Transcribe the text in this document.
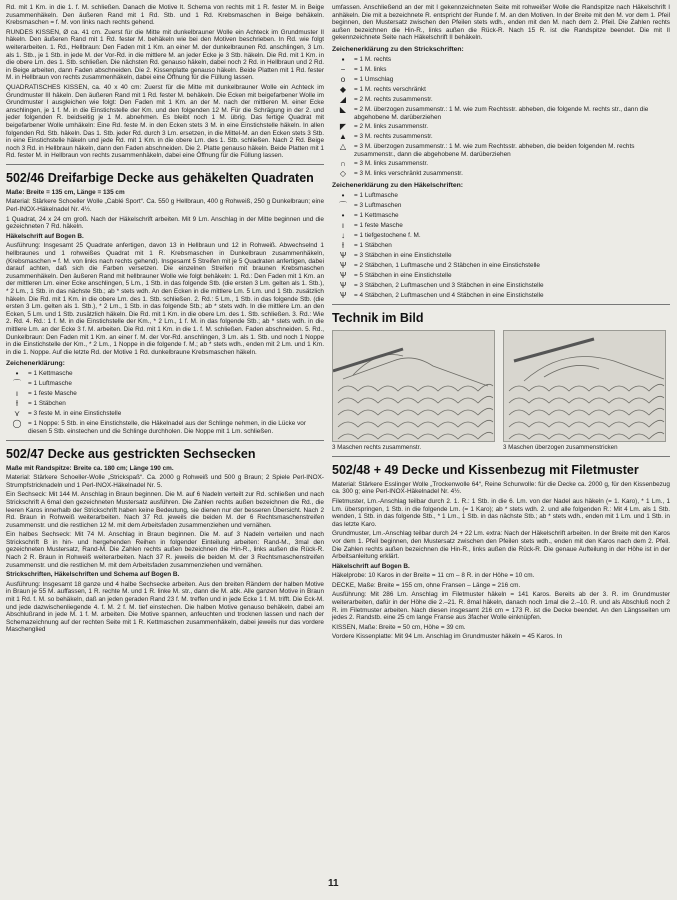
Rd. mit 1 Km. in die 1. f. M. schließen. Danach die Motive lt. Schema von rechts mit 1 R. fester M. in Beige zusammenhäkeln. Den äußeren Rand mit 1 Rd. Stb. und 1 Rd. Krebsmaschen in Beige behäkeln. Krebsmaschen = f. M. von links nach rechts gehend.

RUNDES KISSEN, Ø ca. 41 cm. Zuerst für die Mitte mit dunkelbrauner Wolle ein Achteck im Grundmuster II häkeln. Den äußeren Rand mit 1 Rd. fester M. behäkeln wie bei den Motiven beschrieben. In Rd. wie folgt weiterarbeiten. 1. Rd., Hellbraun: Den Faden mit 1 Km. an einer M. der dunkelbraunen Rd. anschlingen, 3 Lm. als 1. Stb., je 1 Stb. in jede M. der Vor-Rd. in die mittlere M. an jeder Ecke je 3 Stb. häkeln. Die Rd. mit 1 Km. in die obere Lm. des 1. Stb. schließen. Die nächsten Rd. genauso häkeln, dabei noch 2 Rd. in Hellbraun und 2 Rd. in Beige arbeiten, dann Faden abschneiden. Die 2. Kissenplatte genauso häkeln. Beide Platten mit 1 Rd. fester M. in Hellbraun von rechts zusammenhäkeln, dabei eine Öffnung für die Füllung lassen.

QUADRATISCHES KISSEN, ca. 40 x 40 cm: Zuerst für die Mitte mit dunkelbrauner Wolle ein Achteck im Grundmuster III häkeln. Den äußeren Rand mit 1 Rd. fester M. behäkeln. Die Ecken mit beigefarbener Wolle im Grundmuster I ausgleichen wie folgt: Den Faden mit 1 Km. an der M. nach der mittleren M. einer Ecke anschlingen, je 1 f. M. in die Einstichstelle der Km. und den folgenden 12 M. Für die Schrägung in der 2. und jeder folgenden R. beidseitig je 1 M. abnehmen. Es bleibt noch 1 M. übrig. Das fertige Quadrat mit beigefarbener Wolle umhäkeln: Eine Rd. feste M. in den Ecken stets 3 M. in eine Einstichstelle häkeln. In allen folgenden Rd. Stb. häkeln. Das 1. Stb. jeder Rd. durch 3 Lm. ersetzen, in die Mittel-M. an den Ecken stets 3 Stb. in eine Einstichstelle häkeln und jede Rd. mit 1 Km. in die obere Lm. des 1. Stb. schließen. Nach 2 Rd. Beige noch 3 Rd. in Hellbraun häkeln, dann den Faden abschneiden. Die 2. Platte genauso häkeln. Beide Platten mit 1 Rd. fester M. in Hellbraun von rechts zusammenhäkeln, dabei eine Öffnung für die Füllung lassen.

502/46 Dreifarbige Decke aus gehäkelten Quadraten

Maße: Breite = 135 cm, Länge = 135 cm

Material: Stärkere Schoeller Wolle „Cablé Sport“. Ca. 550 g Hellbraun, 400 g Rohweiß, 250 g Dunkelbraun; eine Perl-INOX-Häkelnadel Nr. 4½.

1 Quadrat, 24 x 24 cm groß. Nach der Häkelschrift arbeiten. Mit 9 Lm. Anschlag in der Mitte beginnen und die gezeichneten 7 Rd. häkeln.

Häkelschrift auf Bogen B.

Ausführung: Insgesamt 25 Quadrate anfertigen, davon 13 in Hellbraun und 12 in Rohweiß. Abwechselnd 1 hellbraunes und 1 rohweißes Quadrat mit 1 R. Krebsmaschen in Dunkelbraun zusammenhäkeln, (Krebsmaschen = f. M. von links nach rechts gehend). Insgesamt 5 Streifen mit je 5 Quadraten anfertigen, dabei darauf achten, daß sich die Farben versetzen. Die einzelnen Streifen mit braunen Krebsmaschen zusammenhäkeln. Den äußeren Rand mit hellbrauner Wolle wie folgt behäkeln: 1. Rd.: Den Faden mit 1 Km. an der mittleren Lm. einer Ecke anschlingen, 5 Lm., 1 Stb. in das folgende Stb. (die ersten 3 Lm. gelten als 1. Stb.), * 2 Lm., 1 Stb. in das nächste Stb.; ab * stets wdh. An den Ecken in die mittlere Lm. 5 Lm. und 1 Stb. zusätzlich häkeln. Die Rd. mit 1 Km. in die obere Lm. des 1. Stb. schließen. 2. Rd.: 5 Lm., 1 Stb. in das folgende Stb. (die ersten 3 Lm. gelten als 1. Stb.), * 2 Lm., 1 Stb. in das folgende Stb.; ab * stets wdh. In die mittlere Lm. an den Ecken, 5 Lm. und 1 Stb. zusätzlich häkeln. Die Rd. mit 1 Km. in die obere Lm. des 1. Stb. schließen. 3. Rd.: Wie 2. Rd. 4. Rd.: 1 f. M. in die Einstichstelle der Km., * 2 Lm., 1 f. M. in das folgende Stb.; ab * stets wdh. in die mittlere Lm. an der Ecke 3 f. M. arbeiten. Die Rd. mit 1 Km. in die 1. f. M. schließen. Faden abschneiden. 5. Rd., Dunkelbraun: Den Faden mit 1 Km. an einer f. M. der Vor-Rd. anschlingen, 3 Lm. als 1. Stb. und noch 1 Noppe in die Einstichstelle der Km., * 2 Lm., 1 Noppe in die folgende f. M.; ab * stets wdh., enden mit 2 Lm. und 1 Km. in die 1. Noppe. Auf die letzte Rd. der Motive 1 Rd. dunkelbraune Krebsmaschen häkeln.

Zeichenerklärung:
•	= 1 Kettmasche
⌒	= 1 Luftmasche
ı	= 1 feste Masche
ƚ	= 1 Stäbchen
⋎	= 3 feste M. in eine Einstichstelle
◯	= 1 Noppe: 5 Stb. in eine Einstichstelle, die Häkelnadel aus der Schlinge nehmen, in die Lücke vor diesen 5 Stb. einstechen und die Schlinge durchholen. Die Noppe mit 1 Lm. schließen.
502/47 Decke aus gestrickten Sechsecken

Maße mit Randspitze: Breite ca. 180 cm; Länge 190 cm.

Material: Stärkere Schoeller-Wolle „Strickspaß“. Ca. 2000 g Rohweiß und 500 g Braun; 2 Spiele Perl-INOX-Strumpfstricknadeln und 1 Perl-INOX-Häkelnadel Nr. 5.

Ein Sechseck: Mit 144 M. Anschlag in Braun beginnen. Die M. auf 6 Nadeln verteilt zur Rd. schließen und nach Strickschrift A 6mal den gezeichneten Mustersatz ausführen. Die Zahlen rechts außen bezeichnen die Rd., die leeren Karos innerhalb der Strickschrift haben keine Bedeutung, sie dienen nur der besseren Übersicht. Nach 2 Rd. Braun in Rohweiß weiterarbeiten. Nach 37 Rd. jeweils die beiden M. der 6 Rechtsmaschenstreifen zusammenstr. und die restlichen 12 M. mit dem Arbeitsfaden zusammenziehen und vernähen.

Ein halbes Sechseck: Mit 74 M. Anschlag in Braun beginnen. Die M. auf 3 Nadeln verteilen und nach Strickschrift B in hin- und hergehenden Reihen in folgender Einteilung arbeiten: Rand-M., 3mal den gezeichneten Mustersatz, Rand-M. Die Zahlen rechts außen bezeichnen die Hin-R., links außen die Rück-R. Nach 2 R. Braun in Rohweiß weiterarbeiten. Nach 37 R. jeweils die beiden M. der 3 Rechtsmaschenstreifen zusammenstr. und die restlichen M. mit dem Arbeitsfaden zusammenziehen und vernähen.

Strickschriften, Häkelschriften und Schema auf Bogen B.

Ausführung: Insgesamt 18 ganze und 4 halbe Sechsecke arbeiten. Aus den breiten Rändern der halben Motive in Braun je 55 M. auffassen, 1 R. rechte M. und 1 R. linke M. str., dann die M. abk. Alle ganzen Motive in Braun mit 1 Rd. f. M. so behäkeln, daß an jeden geraden Rand 23 f. M. treffen und in jede Ecke 1 f. M. trifft. Die Eck-M. und jede dazwischenliegende 4. f. M. 2 f. M. tief einstechen. Die halben Motive genauso behäkeln, dabei am Abschlußrand in jede M. 1 f. M. arbeiten. Die Motive spannen, anfeuchten und trocknen lassen und nach der Schemazeichnung auf der rechten Seite mit 1 R. Kettmaschen zusammenhäkeln, dabei jeweils nur das vordere Maschenglied

umfassen. Anschließend an der mit I gekennzeichneten Seite mit rohweißer Wolle die Randspitze nach Häkelschrift I anhäkeln. Die mit a bezeichnete R. entspricht der Runde f. M. an den Motiven. In der Breite mit den M. vor dem 1. Pfeil beginnen, den Mustersatz zwischen den Pfeilen stets wdh., enden mit den M. nach dem 2. Pfeil. Die Zahlen rechts außen bezeichnen die Hin-R., links außen die Rück-R. Nach 15 R. ist die Randspitze beendet. Die mit II gekennzeichnete Seite nach Häkelschrift II behäkeln.

Zeichenerklärung zu den Strickschriften:
▪	= 1 M. rechts
−	= 1 M. links
o	= 1 Umschlag
◆	= 1 M. rechts verschränkt
◢	= 2 M. rechts zusammenstr.
◣	= 2 M. überzogen zusammenstr.: 1 M. wie zum Rechtsstr. abheben, die folgende M. rechts str., dann die abgehobene M. darüberziehen
◤	= 2 M. links zusammenstr.
▲	= 3 M. rechts zusammenstr.
△	= 3 M. überzogen zusammenstr.: 1 M. wie zum Rechtsstr. abheben, die beiden folgenden M. rechts zusammenstr., dann die abgehobene M. darüberziehen
∩	= 3 M. links zusammenstr.
◇	= 3 M. links verschränkt zusammenstr.
Zeichenerklärung zu den Häkelschriften:
•	= 1 Luftmasche
⌒	= 3 Luftmaschen
•	= 1 Kettmasche
ı	= 1 feste Masche
↓	= 1 tiefgestochene f. M.
ƚ	= 1 Stäbchen
Ѱ	= 3 Stäbchen in eine Einstichstelle
Ѱ	= 2 Stäbchen, 1 Luftmasche und 2 Stäbchen in eine Einstichstelle
Ѱ	= 5 Stäbchen in eine Einstichstelle
Ѱ	= 3 Stäbchen, 2 Luftmaschen und 3 Stäbchen in eine Einstichstelle
Ѱ	= 4 Stäbchen, 2 Luftmaschen und 4 Stäbchen in eine Einstichstelle
Technik im Bild
3 Maschen rechts zusammenstr.	3 Maschen überzogen zusammenstricken
502/48 + 49 Decke und Kissenbezug mit Filetmuster

Material: Stärkere Esslinger Wolle „Trockenwolle 64“, Reine Schurwolle: für die Decke ca. 2000 g, für den Kissenbezug ca. 300 g; eine Perl-INOX-Häkelnadel Nr. 4½.

Filetmuster, Lm.-Anschlag teilbar durch 2. 1. R.: 1 Stb. in die 6. Lm. von der Nadel aus häkeln (= 1. Karo), * 1 Lm., 1 Lm. überspringen, 1 Stb. in die folgende Lm. (= 1 Karo); ab * stets wdh. 2. und alle folgenden R.: Mit 4 Lm. als 1 Stb. wenden, 1 Stb. in das folgende Stb., * 1 Lm., 1 Stb. in das nächste Stb.; ab * stets wdh., enden mit 1 Lm. und 1 Stb. in das letzte Karo.

Grundmuster, Lm.-Anschlag teilbar durch 24 + 22 Lm. extra: Nach der Häkelschrift arbeiten. In der Breite mit den Karos vor dem 1. Pfeil beginnen, den Mustersatz zwischen den Pfeilen stets wdh., enden mit den Karos nach dem 2. Pfeil. Die Zahlen rechts außen bezeichnen die Hin-R., links außen die Rück-R. Die genaue Aufteilung in der Höhe ist in der Arbeitsanleitung erklärt.

Häkelschrift auf Bogen B.

Häkelprobe: 10 Karos in der Breite = 11 cm – 8 R. in der Höhe = 10 cm.

DECKE, Maße: Breite = 155 cm, ohne Fransen – Länge = 216 cm.

Ausführung: Mit 286 Lm. Anschlag im Filetmuster häkeln = 141 Karos. Bereits ab der 3. R. im Grundmuster weiterarbeiten, dafür in der Höhe die 2.–21. R. 8mal häkeln, danach noch 1mal die 2.–10. R. und als Abschluß noch 2 R. im Filetmuster arbeiten. Nach diesen insgesamt 216 cm = 173 R. ist die Decke beendet. An den Längsseiten um jedes 2. Randstb. eine 25 cm lange Franse aus 3facher Wolle einknüpfen.

KISSEN, Maße: Breite = 50 cm, Höhe = 39 cm.

Vordere Kissenplatte: Mit 94 Lm. Anschlag im Grundmuster häkeln = 45 Karos. In

11
